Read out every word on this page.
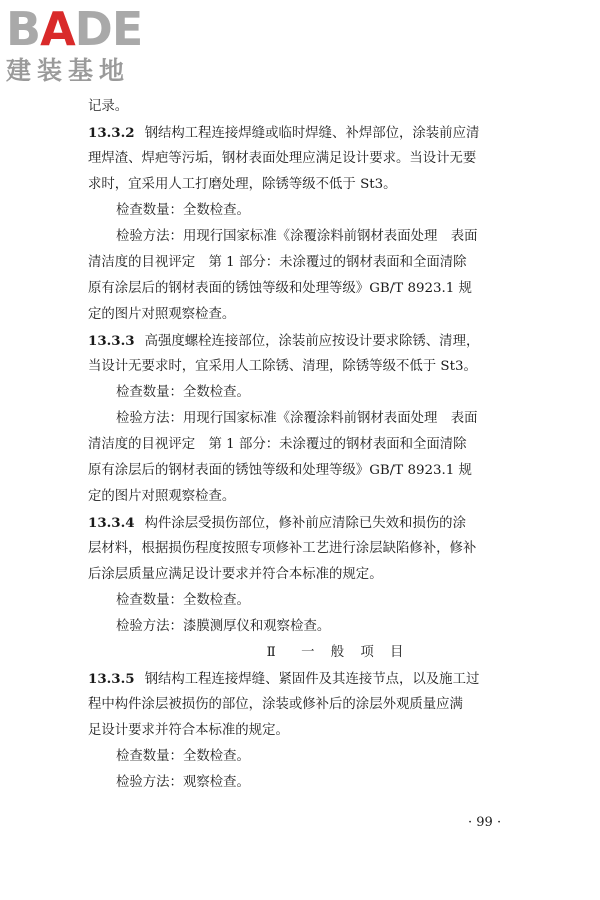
BADE
建装基地
记录。
13.3.2 钢结构工程连接焊缝或临时焊缝、补焊部位，涂装前应清
理焊渣、焊疤等污垢，钢材表面处理应满足设计要求。当设计无要
求时，宜采用人工打磨处理，除锈等级不低于 St3。
检查数量：全数检查。
检验方法：用现行国家标准《涂覆涂料前钢材表面处理　表面
清洁度的目视评定　第 1 部分：未涂覆过的钢材表面和全面清除
原有涂层后的钢材表面的锈蚀等级和处理等级》GB/T 8923.1 规
定的图片对照观察检查。
13.3.3 高强度螺栓连接部位，涂装前应按设计要求除锈、清理，
当设计无要求时，宜采用人工除锈、清理，除锈等级不低于 St3。
检查数量：全数检查。
检验方法：用现行国家标准《涂覆涂料前钢材表面处理　表面
清洁度的目视评定　第 1 部分：未涂覆过的钢材表面和全面清除
原有涂层后的钢材表面的锈蚀等级和处理等级》GB/T 8923.1 规
定的图片对照观察检查。
13.3.4 构件涂层受损伤部位，修补前应清除已失效和损伤的涂
层材料，根据损伤程度按照专项修补工艺进行涂层缺陷修补，修补
后涂层质量应满足设计要求并符合本标准的规定。
检查数量：全数检查。
检验方法：漆膜测厚仪和观察检查。
Ⅱ　一 般 项 目
13.3.5 钢结构工程连接焊缝、紧固件及其连接节点，以及施工过
程中构件涂层被损伤的部位，涂装或修补后的涂层外观质量应满
足设计要求并符合本标准的规定。
检查数量：全数检查。
检验方法：观察检查。
· 99 ·
